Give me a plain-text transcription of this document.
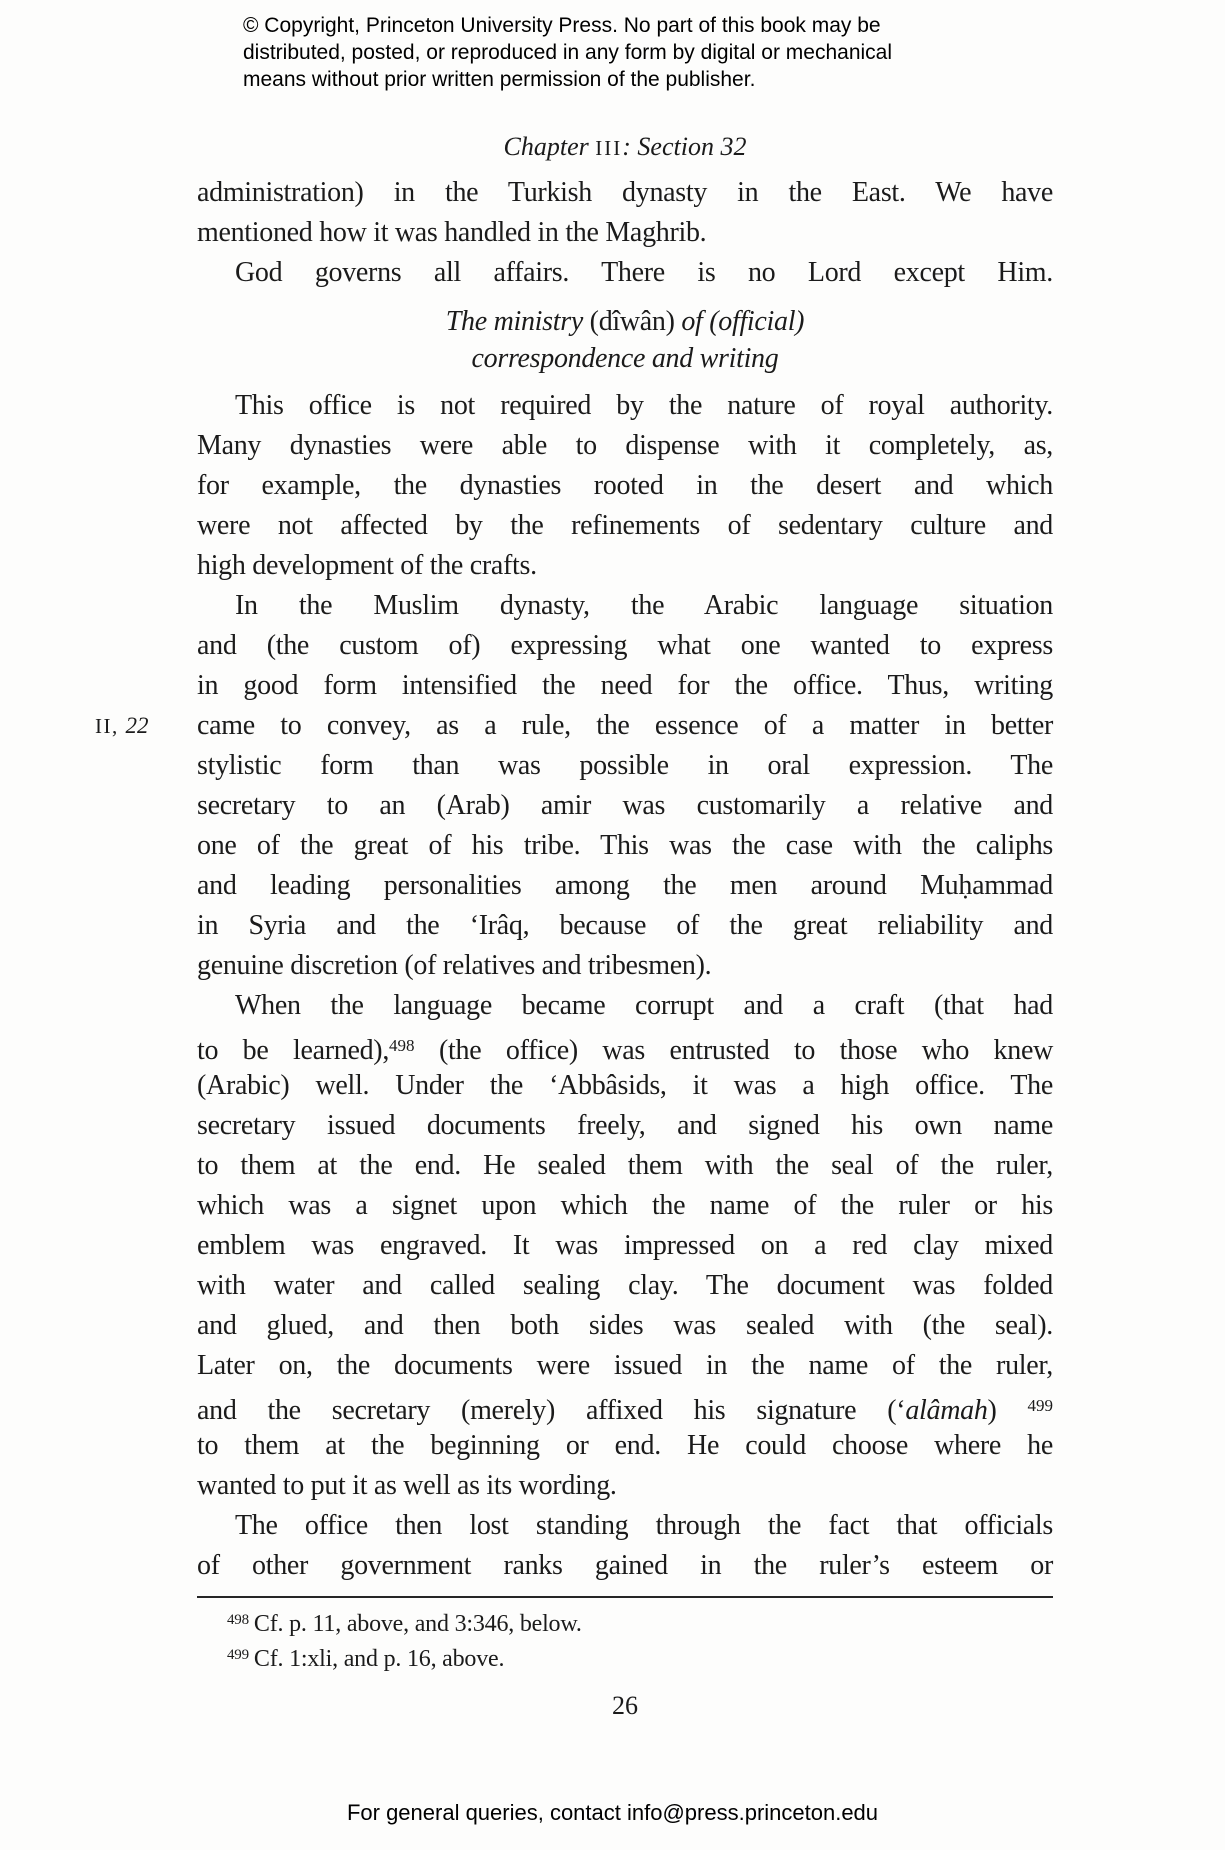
© Copyright, Princeton University Press. No part of this book may be
distributed, posted, or reproduced in any form by digital or mechanical
means without prior written permission of the publisher.
Chapter III: Section 32
administration) in the Turkish dynasty in the East. We have
mentioned how it was handled in the Maghrib.
God governs all affairs. There is no Lord except Him.
The ministry (dîwân) of (official)
correspondence and writing
This office is not required by the nature of royal authority.
Many dynasties were able to dispense with it completely, as,
for example, the dynasties rooted in the desert and which
were not affected by the refinements of sedentary culture and
high development of the crafts.
In the Muslim dynasty, the Arabic language situation
and (the custom of) expressing what one wanted to express
in good form intensified the need for the office. Thus, writing
came to convey, as a rule, the essence of a matter in better
II, 22
stylistic form than was possible in oral expression. The
secretary to an (Arab) amir was customarily a relative and
one of the great of his tribe. This was the case with the caliphs
and leading personalities among the men around Muḥammad
in Syria and the ‘Irâq, because of the great reliability and
genuine discretion (of relatives and tribesmen).
When the language became corrupt and a craft (that had
to be learned),$^{498}$ (the office) was entrusted to those who knew
(Arabic) well. Under the ‘Abbâsids, it was a high office. The
secretary issued documents freely, and signed his own name
to them at the end. He sealed them with the seal of the ruler,
which was a signet upon which the name of the ruler or his
emblem was engraved. It was impressed on a red clay mixed
with water and called sealing clay. The document was folded
and glued, and then both sides was sealed with (the seal).
Later on, the documents were issued in the name of the ruler,
and the secretary (merely) affixed his signature (‘alâmah) $^{499}$
to them at the beginning or end. He could choose where he
wanted to put it as well as its wording.
The office then lost standing through the fact that officials
of other government ranks gained in the ruler’s esteem or
$^{498}$ Cf. p. 11, above, and 3:346, below.
$^{499}$ Cf. 1:xli, and p. 16, above.
26
For general queries, contact info@press.princeton.edu
